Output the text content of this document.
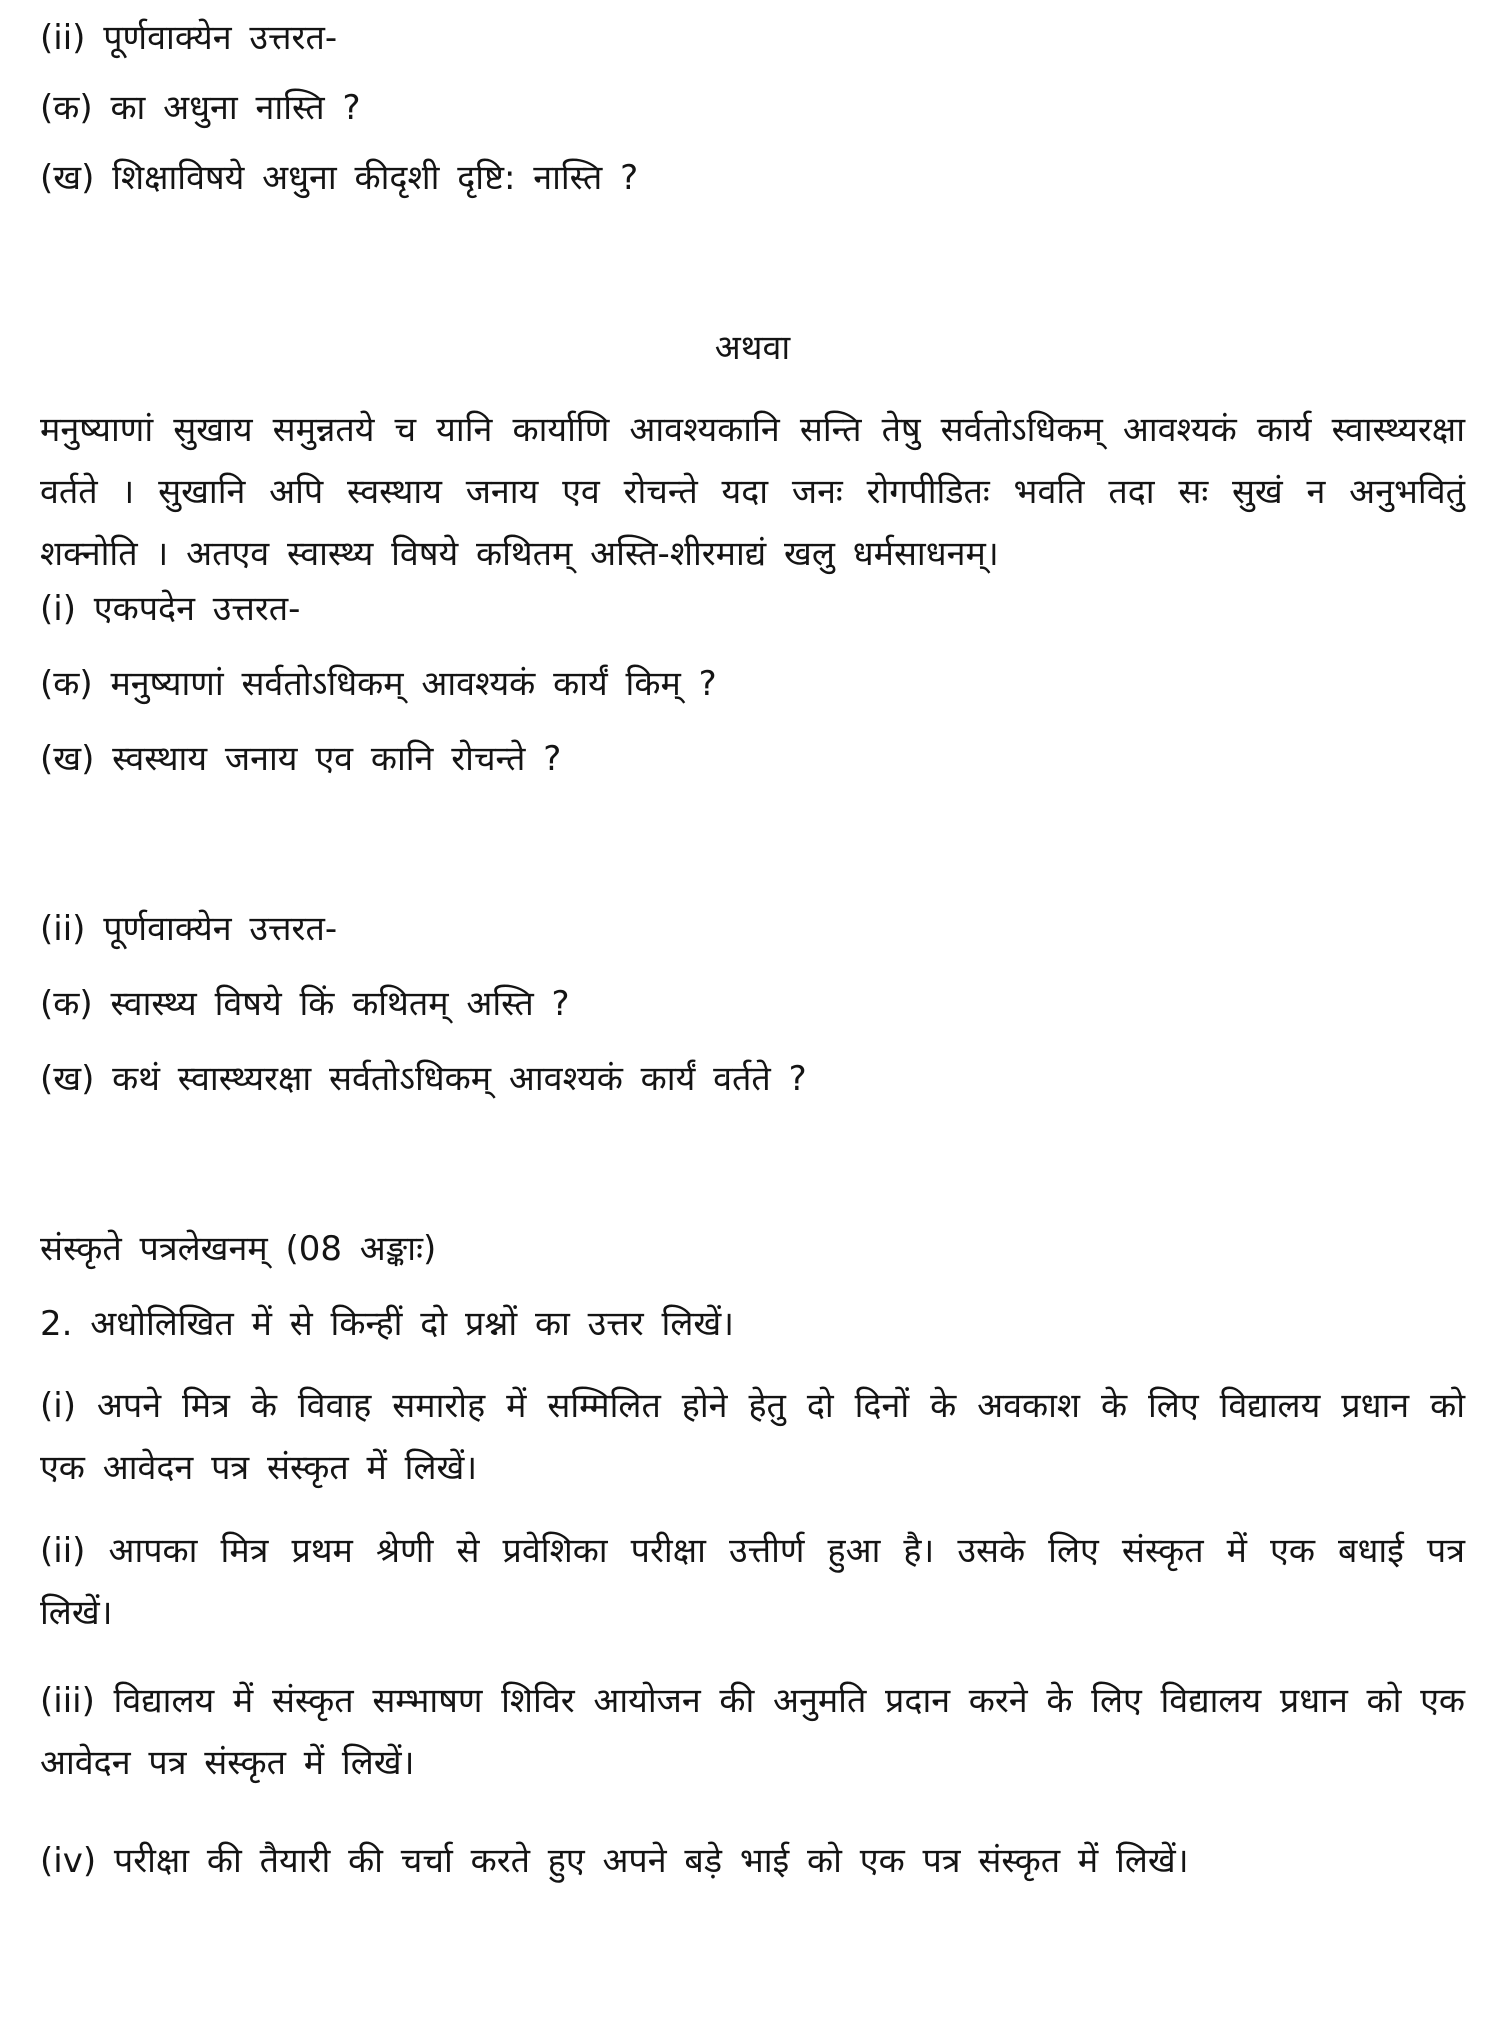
(ii) पूर्णवाक्येन उत्तरत-

(क) का अधुना नास्ति ?

(ख) शिक्षाविषये अधुना कीदृशी दृष्टि: नास्ति ?

अथवा

मनुष्याणां सुखाय समुन्नतये च यानि कार्याणि आवश्यकानि सन्ति तेषु सर्वतोऽधिकम् आवश्यकं कार्य स्वास्थ्यरक्षा वर्तते । सुखानि अपि स्वस्थाय जनाय एव रोचन्ते यदा जनः रोगपीडितः भवति तदा सः सुखं न अनुभवितुं शक्नोति । अतएव स्वास्थ्य विषये कथितम् अस्ति-शीरमाद्यं खलु धर्मसाधनम्।

(i) एकपदेन उत्तरत-

(क) मनुष्याणां सर्वतोऽधिकम् आवश्यकं कार्यं किम् ?

(ख) स्वस्थाय जनाय एव कानि रोचन्ते ?

(ii) पूर्णवाक्येन उत्तरत-

(क) स्वास्थ्य विषये किं कथितम् अस्ति ?

(ख) कथं स्वास्थ्यरक्षा सर्वतोऽधिकम् आवश्यकं कार्यं वर्तते ?

संस्कृते पत्रलेखनम् (08 अङ्काः)

2. अधोलिखित में से किन्हीं दो प्रश्नों का उत्तर लिखें।

(i) अपने मित्र के विवाह समारोह में सम्मिलित होने हेतु दो दिनों के अवकाश के लिए विद्यालय प्रधान को एक आवेदन पत्र संस्कृत में लिखें।

(ii) आपका मित्र प्रथम श्रेणी से प्रवेशिका परीक्षा उत्तीर्ण हुआ है। उसके लिए संस्कृत में एक बधाई पत्र लिखें।

(iii) विद्यालय में संस्कृत सम्भाषण शिविर आयोजन की अनुमति प्रदान करने के लिए विद्यालय प्रधान को एक आवेदन पत्र संस्कृत में लिखें।

(iv) परीक्षा की तैयारी की चर्चा करते हुए अपने बड़े भाई को एक पत्र संस्कृत में लिखें।
